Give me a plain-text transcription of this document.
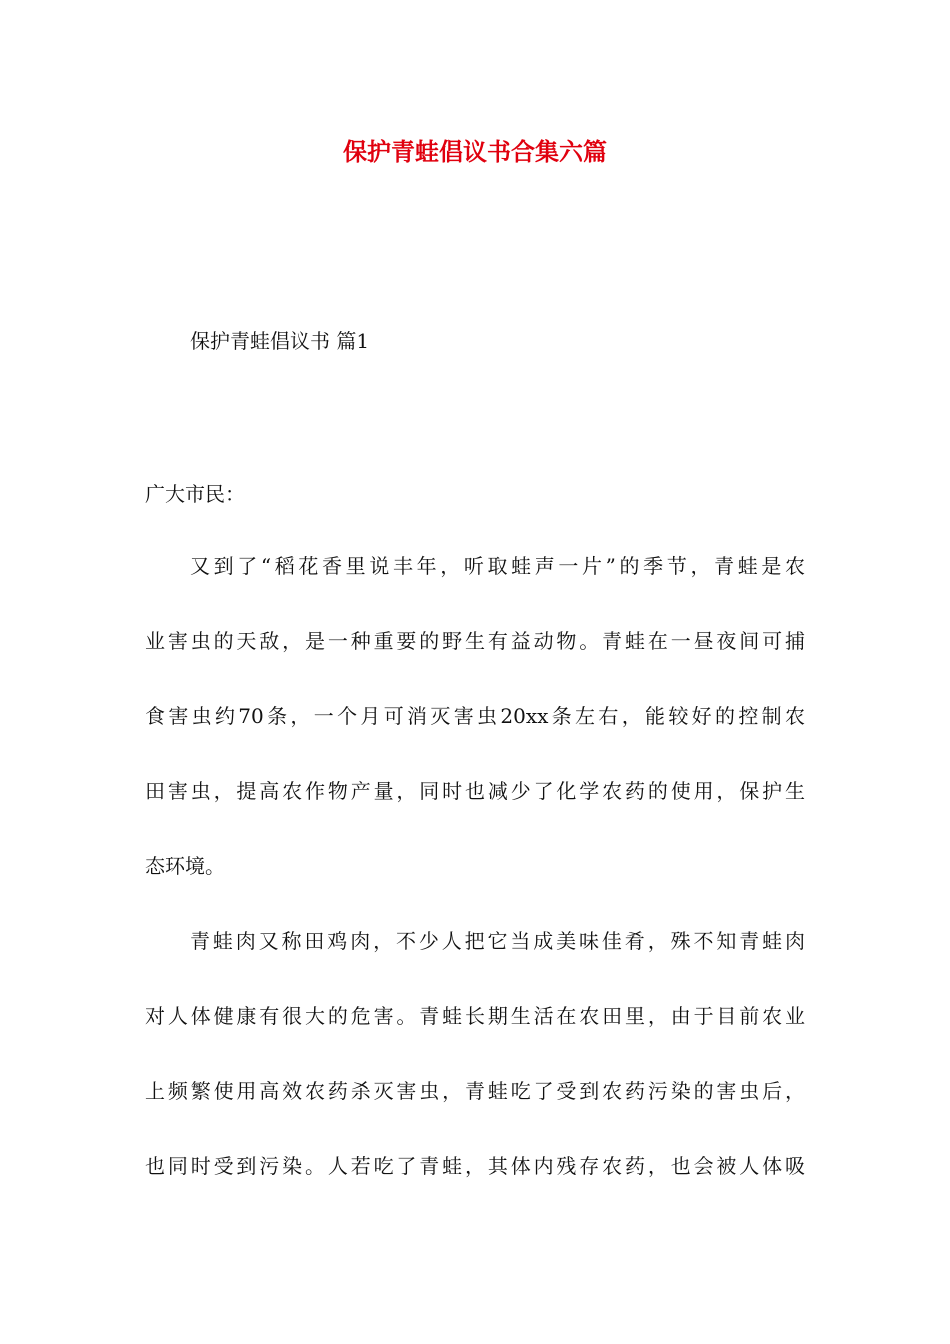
保护青蛙倡议书合集六篇

保护青蛙倡议书 篇1

广大市民：

又到了“稻花香里说丰年，听取蛙声一片”的季节，青蛙是农
业害虫的天敌，是一种重要的野生有益动物。青蛙在一昼夜间可捕
食害虫约70条，一个月可消灭害虫20xx条左右，能较好的控制农
田害虫，提高农作物产量，同时也减少了化学农药的使用，保护生
态环境。
青蛙肉又称田鸡肉，不少人把它当成美味佳肴，殊不知青蛙肉
对人体健康有很大的危害。青蛙长期生活在农田里，由于目前农业
上频繁使用高效农药杀灭害虫，青蛙吃了受到农药污染的害虫后，
也同时受到污染。人若吃了青蛙，其体内残存农药，也会被人体吸
